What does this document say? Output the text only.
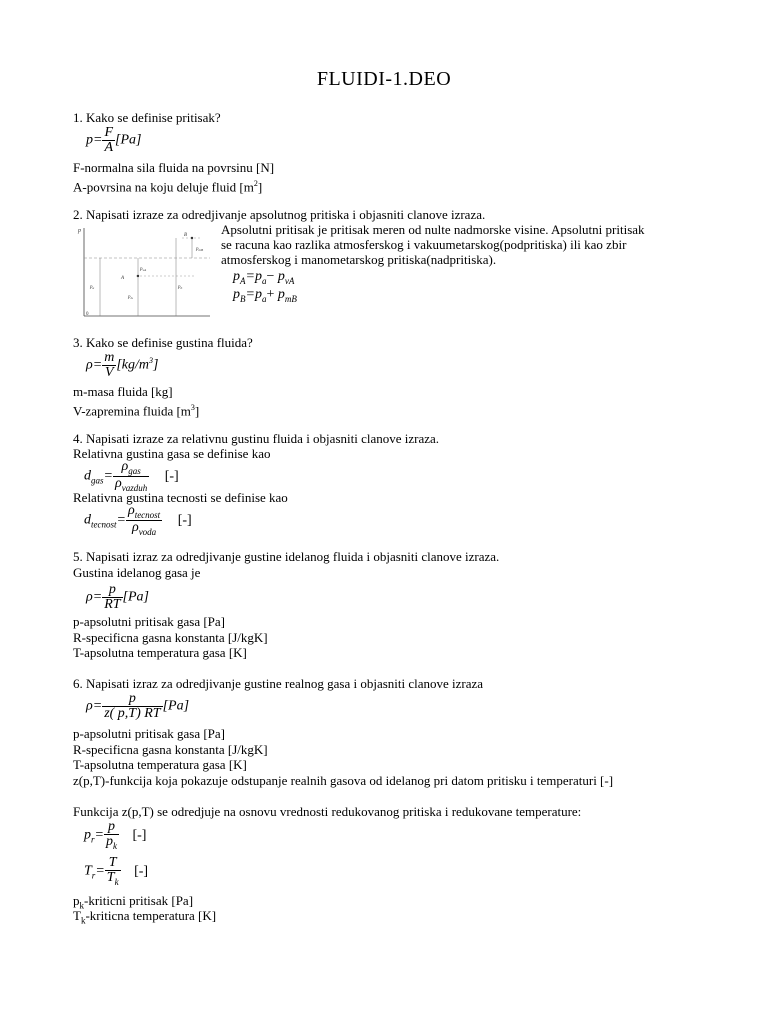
FLUIDI-1.DEO
1. Kako se definise pritisak?
$p= \frac{F}{A} [Pa]$
F-normalna sila fluida na povrsinu [N]
A-povrsina na koju deluje fluid $[m^2]$
2. Napisati izraze za odredjivanje apsolutnog pritiska i objasniti clanove izraza.
p
0
B
A
$p_a$	$p_b$
$p_{vA}$
$p_{mB}$
$p_A$
Apsolutni pritisak je pritisak meren od nulte nadmorske visine. Apsolutni pritisak
se racuna kao razlika atmosferskog i vakuumetarskog(podpritiska) ili kao zbir
atmosferskog i manometarskog pritiska(nadpritiska).
$p_A=p_a- p_{vA}$
$p_B=p_a+ p_{mB}$
3. Kako se definise gustina fluida?
$\rho= \frac{m}{V} [kg/m^3]$
m-masa fluida [kg]
V-zapremina fluida $[m^3]$
4. Napisati izraze za relativnu gustinu fluida i objasniti clanove izraza.
Relativna gustina gasa se definise kao
$d_{gas}= \frac{\rho_{gas}}{\rho_{vazduh}}$ [-]
Relativna gustina tecnosti se definise kao
$d_{tecnost}= \frac{\rho_{tecnost}}{\rho_{voda}}$ [-]
5. Napisati izraz za odredjivanje gustine idelanog fluida i objasniti clanove izraza.
Gustina idelanog gasa je
$\rho= \frac{p}{RT} [Pa]$
p-apsolutni pritisak gasa [Pa]
R-specificna gasna konstanta [J/kgK]
T-apsolutna temperatura gasa [K]
6. Napisati izraz za odredjivanje gustine realnog gasa i objasniti clanove izraza
$\rho= \frac{p}{z( p,T) RT} [Pa]$
p-apsolutni pritisak gasa [Pa]
R-specificna gasna konstanta [J/kgK]
T-apsolutna temperatura gasa [K]
z(p,T)-funkcija koja pokazuje odstupanje realnih gasova od idelanog pri datom pritisku i temperaturi [-]
Funkcija z(p,T) se odredjuje na osnovu vrednosti redukovanog pritiska i redukovane temperature:
$p_r= \frac{p}{p_k}$ [-]
$T_r= \frac{T}{T_k}$ [-]
$p_k$-kriticni pritisak [Pa]
$T_k$-kriticna temperatura [K]
